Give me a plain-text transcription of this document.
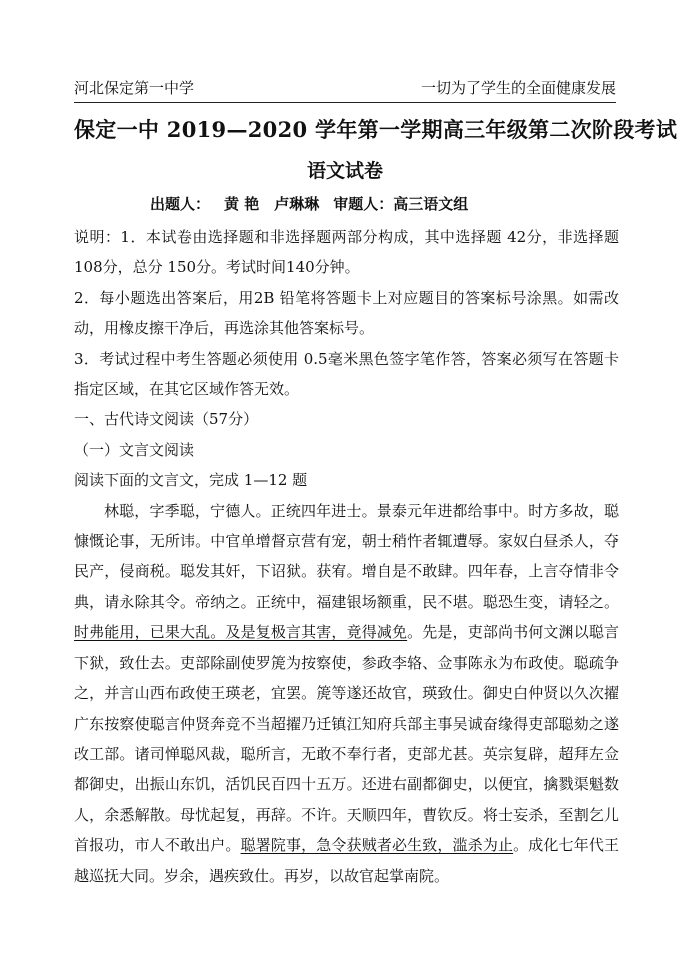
河北保定第一中学	一切为了学生的全面健康发展
保定一中 2019—2020 学年第一学期高三年级第二次阶段考试
语文试卷
出题人： 黄 艳　卢琳琳 审题人：高三语文组

说明：1．本试卷由选择题和非选择题两部分构成，其中选择题 42分，非选择题 108分，总分 150分。考试时间140分钟。

2．每小题选出答案后，用2B 铅笔将答题卡上对应题目的答案标号涂黑。如需改动，用橡皮擦干净后，再选涂其他答案标号。

3．考试过程中考生答题必须使用 0.5毫米黑色签字笔作答，答案必须写在答题卡指定区域，在其它区域作答无效。

一、古代诗文阅读（57分）

（一）文言文阅读

阅读下面的文言文，完成 1—12 题

林聪，字季聪，宁德人。正统四年进士。景泰元年进都给事中。时方多故，聪慷慨论事，无所讳。中官单增督京营有宠，朝士稍忤者辄遭辱。家奴白昼杀人，夺民产，侵商税。聪发其奸，下诏狱。获宥。增自是不敢肆。四年春，上言夺情非令典，请永除其令。帝纳之。正统中，福建银场额重，民不堪。聪恐生变，请轻之。时弗能用，已果大乱。及是复极言其害，竟得减免。先是，吏部尚书何文渊以聪言下狱，致仕去。吏部除副使罗箎为按察使，参政李辂、佥事陈永为布政使。聪疏争之，并言山西布政使王瑛老，宜罢。箎等遂还故官，瑛致仕。御史白仲贤以久次擢广东按察使聪言仲贤奔竞不当超擢乃迁镇江知府兵部主事吴诚奋缘得吏部聪劾之遂改工部。诸司惮聪风裁，聪所言，无敢不奉行者，吏部尤甚。英宗复辟，超拜左佥都御史，出振山东饥，活饥民百四十五万。还进右副都御史，以便宜，擒戮渠魁数人，余悉解散。母忧起复，再辞。不许。天顺四年，曹钦反。将士妄杀，至割乞儿首报功，市人不敢出户。聪署院事，急令获贼者必生致，滥杀为止。成化七年代王越巡抚大同。岁余，遇疾致仕。再岁，以故官起掌南院。
